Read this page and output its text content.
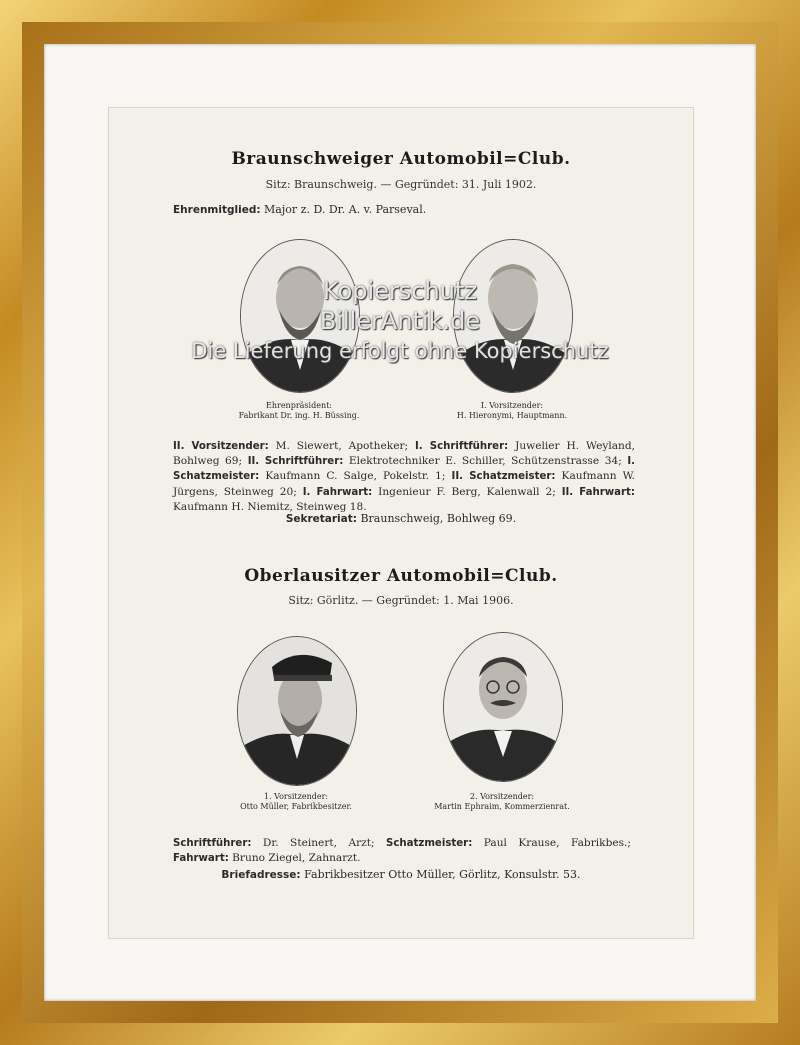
Braunschweiger Automobil=Club.
Sitz: Braunschweig. — Gegründet: 31. Juli 1902.
Ehrenmitglied: Major z. D. Dr. A. v. Parseval.
Ehrenpräsident:
Fabrikant Dr. ing. H. Büssing.
I. Vorsitzender:
H. Hieronymi, Hauptmann.
II. Vorsitzender: M. Siewert, Apotheker; I. Schriftführer: Juwelier H. Weyland, Bohlweg 69; II. Schriftführer: Elektrotechniker E. Schiller, Schützenstrasse 34; I. Schatzmeister: Kaufmann C. Salge, Pokelstr. 1; II. Schatzmeister: Kaufmann W. Jürgens, Steinweg 20; I. Fahrwart: Ingenieur F. Berg, Kalenwall 2; II. Fahrwart: Kaufmann H. Niemitz, Steinweg 18.
Sekretariat: Braunschweig, Bohlweg 69.
Oberlausitzer Automobil=Club.
Sitz: Görlitz. — Gegründet: 1. Mai 1906.
1. Vorsitzender:
Otto Müller, Fabrikbesitzer.
2. Vorsitzender:
Martin Ephraim, Kommerzienrat.
Schriftführer: Dr. Steinert, Arzt; Schatzmeister: Paul Krause, Fabrikbes.; Fahrwart: Bruno Ziegel, Zahnarzt.
Briefadresse: Fabrikbesitzer Otto Müller, Görlitz, Konsulstr. 53.
Kopierschutz
BillerAntik.de
Die Lieferung erfolgt ohne Kopierschutz
